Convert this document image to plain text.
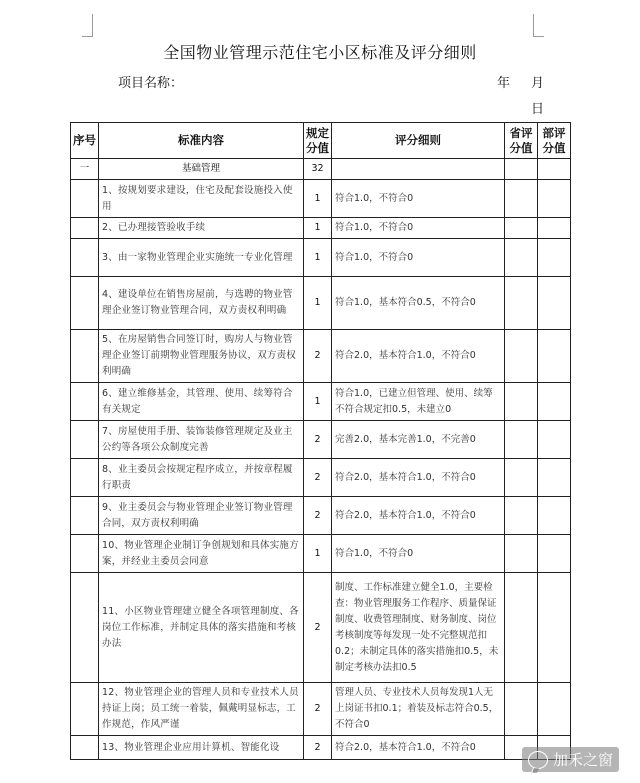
全国物业管理示范住宅小区标准及评分细则
项目名称：	年 月
日
序号	标准内容	规定分值	评分细则	省评分值	部评分值
一	基础管理	32			
	1、按规划要求建设，住宅及配套设施投入使用	1	符合1.0，不符合0		
	2、已办理接管验收手续	1	符合1.0，不符合0		
	3、由一家物业管理企业实施统一专业化管理	1	符合1.0，不符合0		
	4、建设单位在销售房屋前，与选聘的物业管理企业签订物业管理合同，双方责权利明确	1	符合1.0，基本符合0.5，不符合0		
	5、在房屋销售合同签订时，购房人与物业管理企业签订前期物业管理服务协议，双方责权利明确	2	符合2.0，基本符合1.0，不符合0		
	6、建立维修基金，其管理、使用、续筹符合有关规定	1	符合1.0，已建立但管理、使用、续筹不符合规定扣0.5，未建立0		
	7、房屋使用手册、装饰装修管理规定及业主公约等各项公众制度完善	2	完善2.0，基本完善1.0，不完善0		
	8、业主委员会按规定程序成立，并按章程履行职责	2	符合2.0，基本符合1.0，不符合0		
	9、业主委员会与物业管理企业签订物业管理合同，双方责权利明确	2	符合2.0，基本符合1.0，不符合0		
	10、物业管理企业制订争创规划和具体实施方案，并经业主委员会同意	1	符合1.0，不符合0		
	11、小区物业管理建立健全各项管理制度、各岗位工作标准，并制定具体的落实措施和考核办法	2	制度、工作标准建立健全1.0，主要检查：物业管理服务工作程序、质量保证制度、收费管理制度、财务制度、岗位考核制度等每发现一处不完整规范扣0.2；未制定具体的落实措施扣0.5，未制定考核办法扣0.5		
	12、物业管理企业的管理人员和专业技术人员持证上岗；员工统一着装，佩戴明显标志，工作规范，作风严谨	2	管理人员、专业技术人员每发现1人无上岗证书扣0.1；着装及标志符合0.5，不符合0		
	13、物业管理企业应用计算机、智能化设	2	符合2.0，基本符合1.0，不符合0		
加禾之窗
